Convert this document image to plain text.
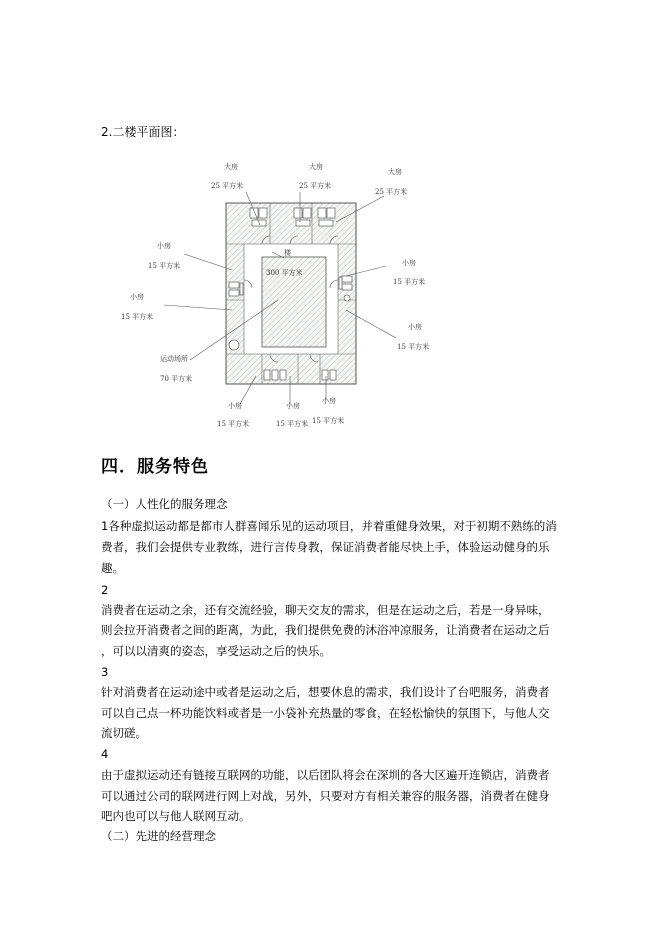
2.二楼平面图：
大房
25 平方米
大房
25 平方米
大房
25 平方米
小房
15 平方米
小房
15 平方米
小房
15 平方米
小房
15 平方米
运动场所
70 平方米
楼
300 平方米
小房
15 平方米
小房
15 平方米
小房
15 平方米
四．服务特色
（一）人性化的服务理念
1各种虚拟运动都是都市人群喜闻乐见的运动项目，并着重健身效果，对于初期不熟练的消
费者，我们会提供专业教练，进行言传身教，保证消费者能尽快上手，体验运动健身的乐
趣。
2
消费者在运动之余，还有交流经验，聊天交友的需求，但是在运动之后，若是一身异味，
则会拉开消费者之间的距离，为此，我们提供免费的沐浴冲凉服务，让消费者在运动之后
，可以以清爽的姿态，享受运动之后的快乐。
3
针对消费者在运动途中或者是运动之后，想要休息的需求，我们设计了台吧服务，消费者
可以自己点一杯功能饮料或者是一小袋补充热量的零食，在轻松愉快的氛围下，与他人交
流切磋。
4
由于虚拟运动还有链接互联网的功能，以后团队将会在深圳的各大区遍开连锁店，消费者
可以通过公司的联网进行网上对战，另外，只要对方有相关兼容的服务器，消费者在健身
吧内也可以与他人联网互动。
（二）先进的经营理念
